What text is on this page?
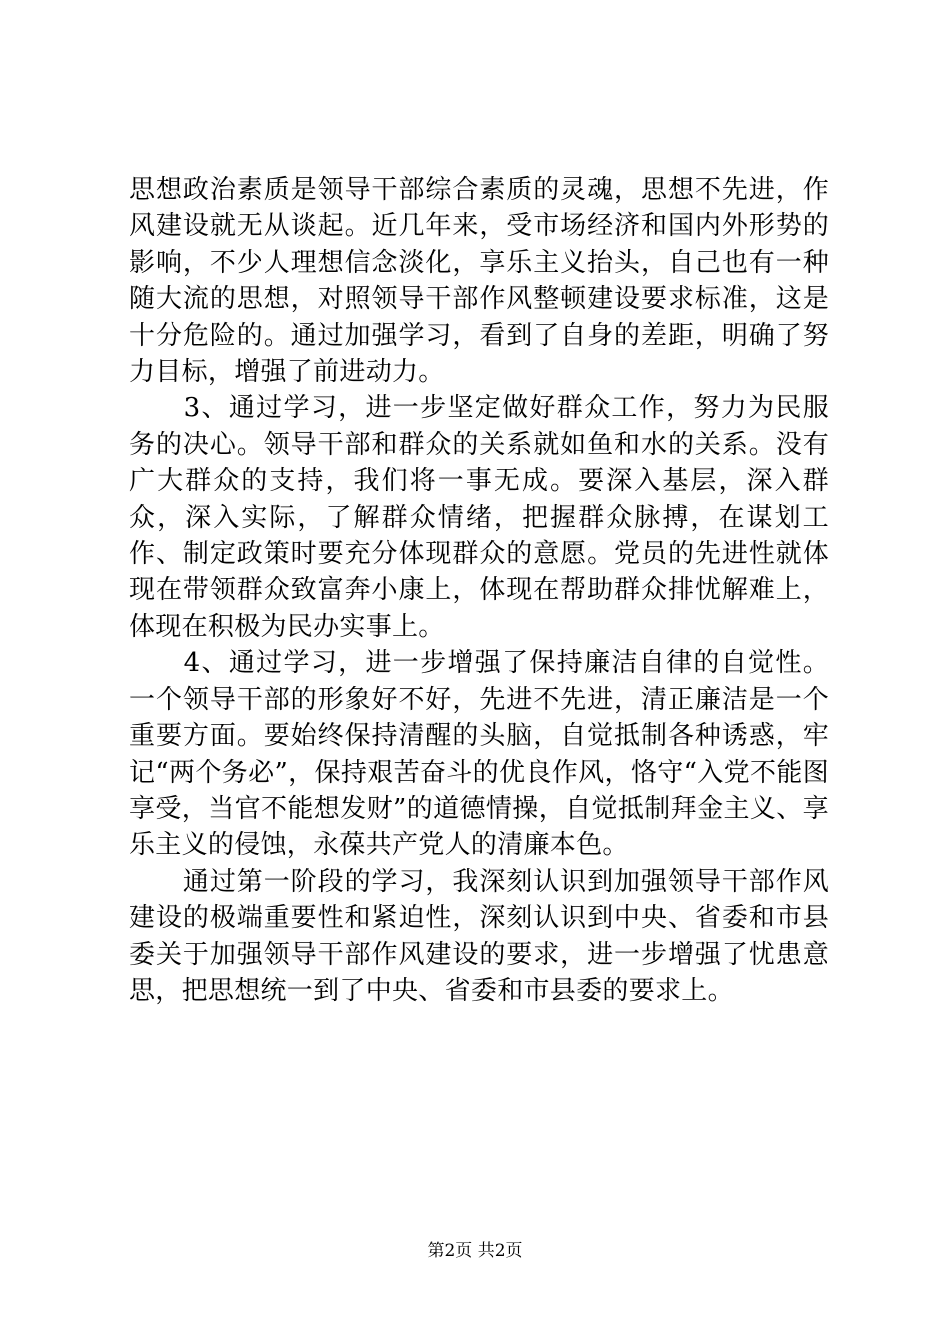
思想政治素质是领导干部综合素质的灵魂，思想不先进，作风建设就无从谈起。近几年来，受市场经济和国内外形势的影响，不少人理想信念淡化，享乐主义抬头，自己也有一种随大流的思想，对照领导干部作风整顿建设要求标准，这是十分危险的。通过加强学习，看到了自身的差距，明确了努力目标，增强了前进动力。

　　3、通过学习，进一步坚定做好群众工作，努力为民服务的决心。领导干部和群众的关系就如鱼和水的关系。没有广大群众的支持，我们将一事无成。要深入基层，深入群众，深入实际，了解群众情绪，把握群众脉搏，在谋划工作、制定政策时要充分体现群众的意愿。党员的先进性就体现在带领群众致富奔小康上，体现在帮助群众排忧解难上，体现在积极为民办实事上。

　　4、通过学习，进一步增强了保持廉洁自律的自觉性。一个领导干部的形象好不好，先进不先进，清正廉洁是一个重要方面。要始终保持清醒的头脑，自觉抵制各种诱惑，牢记“两个务必”，保持艰苦奋斗的优良作风，恪守“入党不能图享受，当官不能想发财”的道德情操，自觉抵制拜金主义、享乐主义的侵蚀，永葆共产党人的清廉本色。

　　通过第一阶段的学习，我深刻认识到加强领导干部作风建设的极端重要性和紧迫性，深刻认识到中央、省委和市县委关于加强领导干部作风建设的要求，进一步增强了忧患意思，把思想统一到了中央、省委和市县委的要求上。

第2页 共2页
